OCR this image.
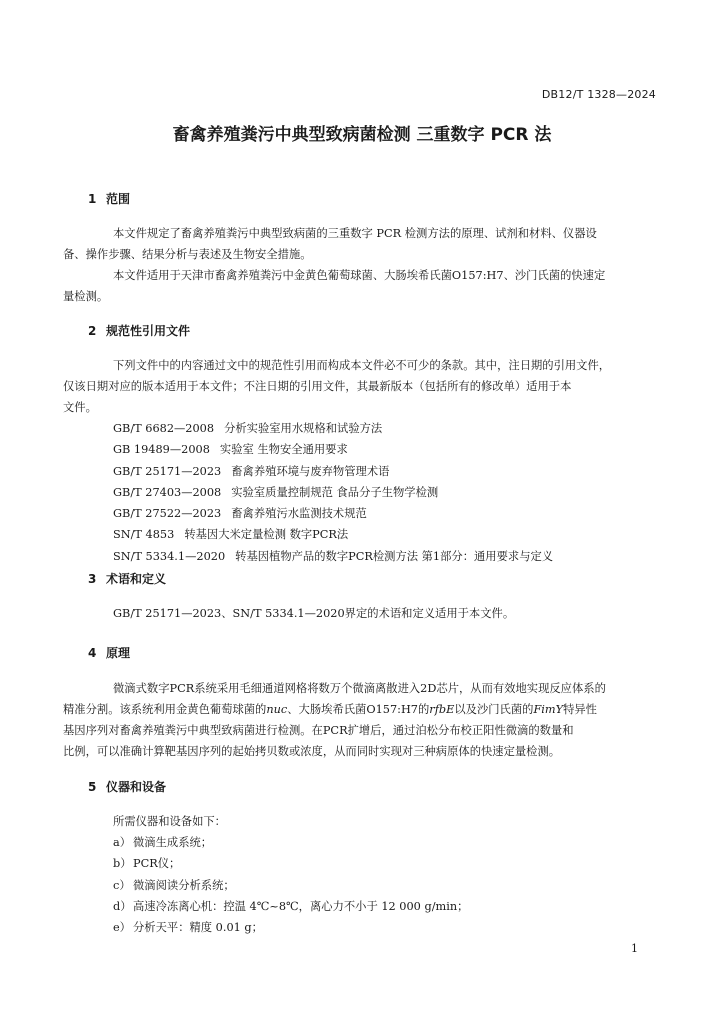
DB12/T 1328—2024
畜禽养殖粪污中典型致病菌检测 三重数字 PCR 法
1 范围
本文件规定了畜禽养殖粪污中典型致病菌的三重数字 PCR 检测方法的原理、试剂和材料、仪器设
备、操作步骤、结果分析与表述及生物安全措施。
本文件适用于天津市畜禽养殖粪污中金黄色葡萄球菌、大肠埃希氏菌O157:H7、沙门氏菌的快速定
量检测。
2 规范性引用文件
下列文件中的内容通过文中的规范性引用而构成本文件必不可少的条款。其中，注日期的引用文件，
仅该日期对应的版本适用于本文件；不注日期的引用文件，其最新版本（包括所有的修改单）适用于本
文件。
GB/T 6682—2008 分析实验室用水规格和试验方法
GB 19489—2008 实验室 生物安全通用要求
GB/T 25171—2023 畜禽养殖环境与废弃物管理术语
GB/T 27403—2008 实验室质量控制规范 食品分子生物学检测
GB/T 27522—2023 畜禽养殖污水监测技术规范
SN/T 4853 转基因大米定量检测 数字PCR法
SN/T 5334.1—2020 转基因植物产品的数字PCR检测方法 第1部分：通用要求与定义
3 术语和定义
GB/T 25171—2023、SN/T 5334.1—2020界定的术语和定义适用于本文件。
4 原理
微滴式数字PCR系统采用毛细通道网格将数万个微滴离散进入2D芯片，从而有效地实现反应体系的
精准分割。该系统利用金黄色葡萄球菌的nuc、大肠埃希氏菌O157:H7的rfbE以及沙门氏菌的FimY特异性
基因序列对畜禽养殖粪污中典型致病菌进行检测。在PCR扩增后，通过泊松分布校正阳性微滴的数量和
比例，可以准确计算靶基因序列的起始拷贝数或浓度，从而同时实现对三种病原体的快速定量检测。
5 仪器和设备
所需仪器和设备如下：
a） 微滴生成系统；
b）PCR仪；
c） 微滴阅读分析系统；
d）高速冷冻离心机：控温 4℃~8℃，离心力不小于 12 000 g/min；
e） 分析天平：精度 0.01 g；
1
